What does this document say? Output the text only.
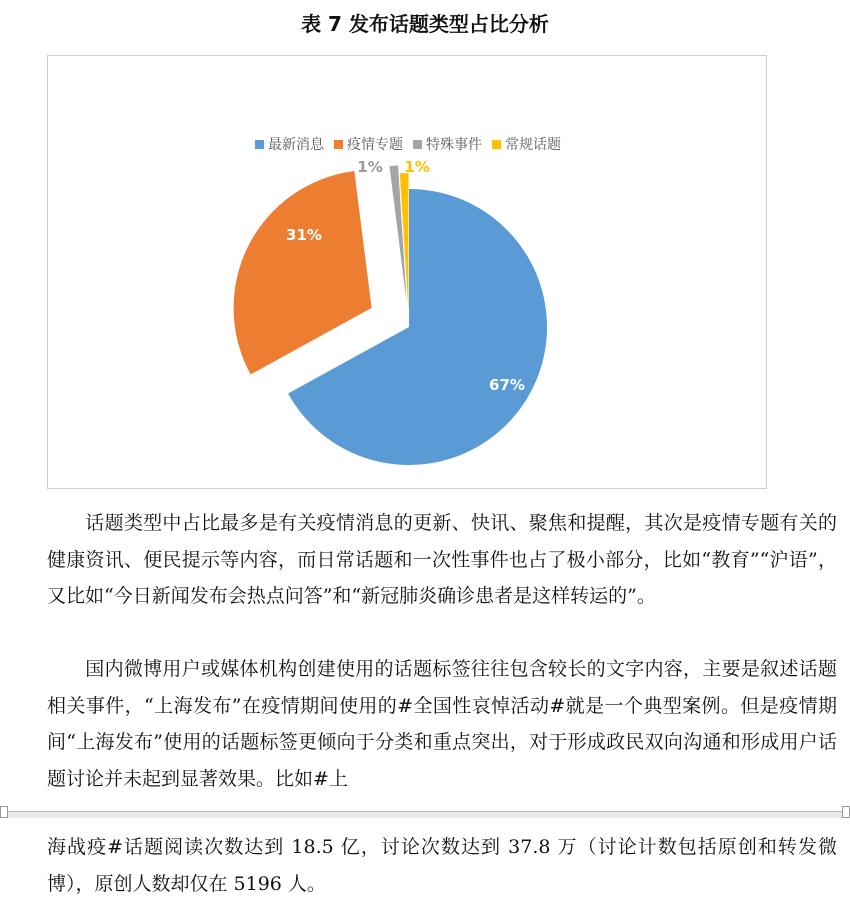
表 7 发布话题类型占比分析
最新消息 疫情专题 特殊事件 常规话题
67%
31%
1% 1%

话题类型中占比最多是有关疫情消息的更新、快讯、聚焦和提醒，其次是疫情专题有关的健康资讯、便民提示等内容，而日常话题和一次性事件也占了极小部分，比如“教育”“沪语”，又比如“今日新闻发布会热点问答”和“新冠肺炎确诊患者是这样转运的”。

国内微博用户或媒体机构创建使用的话题标签往往包含较长的文字内容，主要是叙述话题相关事件，“上海发布”在疫情期间使用的#全国性哀悼活动#就是一个典型案例。但是疫情期间“上海发布”使用的话题标签更倾向于分类和重点突出，对于形成政民双向沟通和形成用户话题讨论并未起到显著效果。比如#上

海战疫#话题阅读次数达到 18.5 亿，讨论次数达到 37.8 万（讨论计数包括原创和转发微博），原创人数却仅在 5196 人。
